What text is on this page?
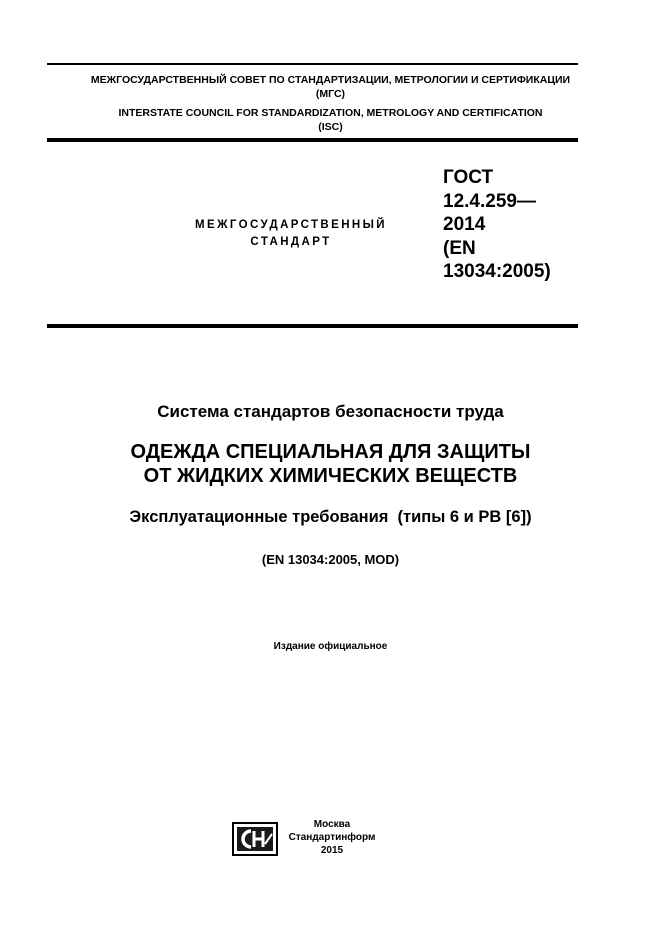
МЕЖГОСУДАРСТВЕННЫЙ СОВЕТ ПО СТАНДАРТИЗАЦИИ, МЕТРОЛОГИИ И СЕРТИФИКАЦИИ
(МГС)
INTERSTATE COUNCIL FOR STANDARDIZATION, METROLOGY AND CERTIFICATION
(ISC)
МЕЖГОСУДАРСТВЕННЫЙ
СТАНДАРТ
ГОСТ
12.4.259—
2014
(EN
13034:2005)
Система стандартов безопасности труда
ОДЕЖДА СПЕЦИАЛЬНАЯ ДЛЯ ЗАЩИТЫ
ОТ ЖИДКИХ ХИМИЧЕСКИХ ВЕЩЕСТВ
Эксплуатационные требования  (типы 6 и PB [6])
(EN 13034:2005, MOD)
Издание официальное
Москва
Стандартинформ
2015
